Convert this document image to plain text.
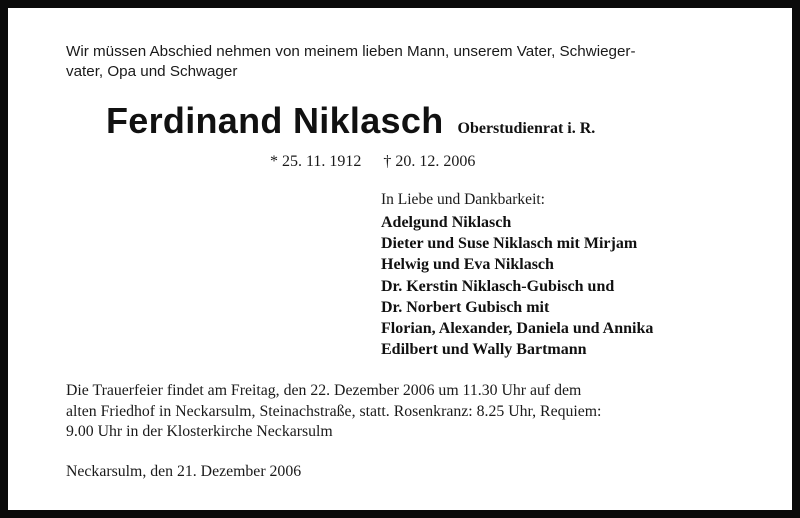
Wir müssen Abschied nehmen von meinem lieben Mann, unserem Vater, Schwieger-
vater, Opa und Schwager

Ferdinand Niklasch Oberstudienrat i. R.
* 25. 11. 1912 † 20. 12. 2006

In Liebe und Dankbarkeit:

Adelgund Niklasch
Dieter und Suse Niklasch mit Mirjam
Helwig und Eva Niklasch
Dr. Kerstin Niklasch-Gubisch und
Dr. Norbert Gubisch mit
Florian, Alexander, Daniela und Annika
Edilbert und Wally Bartmann
Die Trauerfeier findet am Freitag, den 22. Dezember 2006 um 11.30 Uhr auf dem
alten Friedhof in Neckarsulm, Steinachstraße, statt. Rosenkranz: 8.25 Uhr, Requiem:
9.00 Uhr in der Klosterkirche Neckarsulm
Neckarsulm, den 21. Dezember 2006
